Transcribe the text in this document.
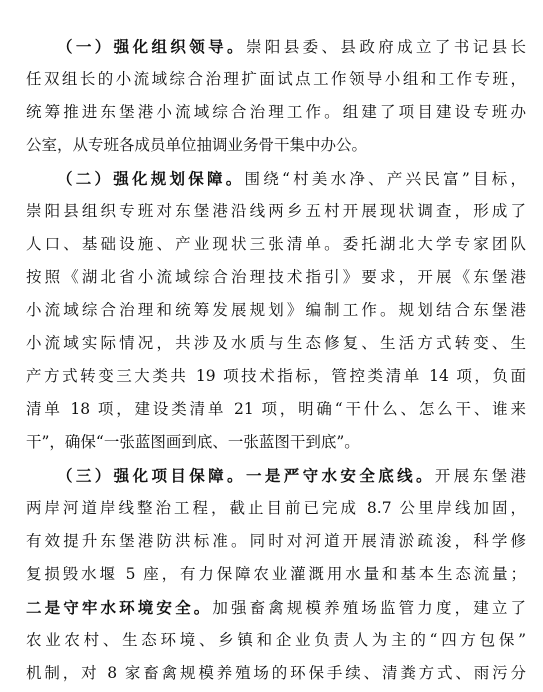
（一）强化组织领导。崇阳县委、县政府成立了书记县长
任双组长的小流域综合治理扩面试点工作领导小组和工作专班，
统筹推进东堡港小流域综合治理工作。组建了项目建设专班办
公室，从专班各成员单位抽调业务骨干集中办公。
（二）强化规划保障。围绕“村美水净、产兴民富”目标，
崇阳县组织专班对东堡港沿线两乡五村开展现状调查，形成了
人口、基础设施、产业现状三张清单。委托湖北大学专家团队
按照《湖北省小流域综合治理技术指引》要求，开展《东堡港
小流域综合治理和统筹发展规划》编制工作。规划结合东堡港
小流域实际情况，共涉及水质与生态修复、生活方式转变、生
产方式转变三大类共 19 项技术指标，管控类清单 14 项，负面
清单 18 项，建设类清单 21 项，明确“干什么、怎么干、谁来
干”，确保“一张蓝图画到底、一张蓝图干到底”。
（三）强化项目保障。一是严守水安全底线。开展东堡港
两岸河道岸线整治工程，截止目前已完成 8.7 公里岸线加固，
有效提升东堡港防洪标准。同时对河道开展清淤疏浚，科学修
复损毁水堰 5 座，有力保障农业灌溉用水量和基本生态流量；
二是守牢水环境安全。加强畜禽规模养殖场监管力度，建立了
农业农村、生态环境、乡镇和企业负责人为主的“四方包保”
机制，对 8 家畜禽规模养殖场的环保手续、清粪方式、雨污分
